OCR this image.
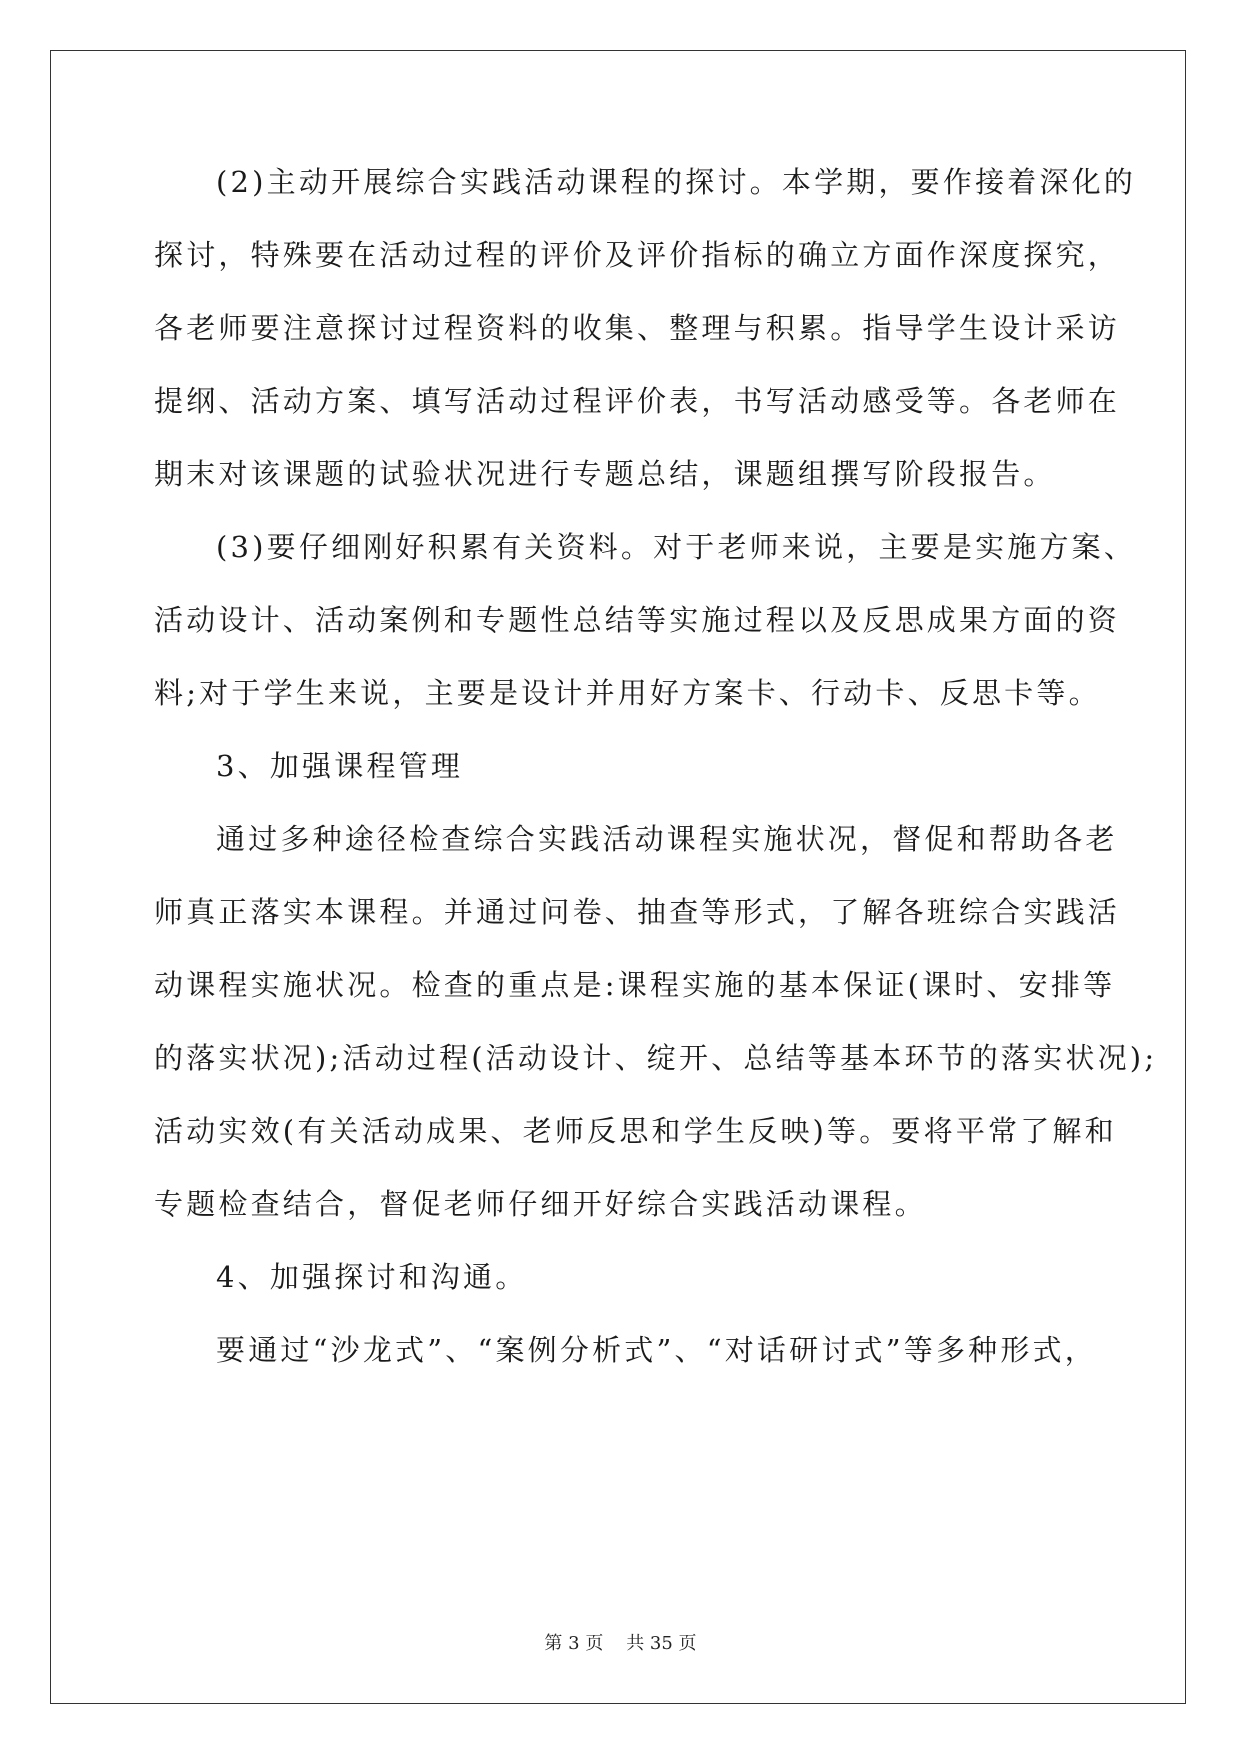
(2)主动开展综合实践活动课程的探讨。本学期，要作接着深化的
探讨，特殊要在活动过程的评价及评价指标的确立方面作深度探究，
各老师要注意探讨过程资料的收集、整理与积累。指导学生设计采访
提纲、活动方案、填写活动过程评价表，书写活动感受等。各老师在
期末对该课题的试验状况进行专题总结，课题组撰写阶段报告。
(3)要仔细刚好积累有关资料。对于老师来说，主要是实施方案、
活动设计、活动案例和专题性总结等实施过程以及反思成果方面的资
料;对于学生来说，主要是设计并用好方案卡、行动卡、反思卡等。
3、加强课程管理
通过多种途径检查综合实践活动课程实施状况，督促和帮助各老
师真正落实本课程。并通过问卷、抽查等形式，了解各班综合实践活
动课程实施状况。检查的重点是:课程实施的基本保证(课时、安排等
的落实状况);活动过程(活动设计、绽开、总结等基本环节的落实状况);
活动实效(有关活动成果、老师反思和学生反映)等。要将平常了解和
专题检查结合，督促老师仔细开好综合实践活动课程。
4、加强探讨和沟通。
要通过“沙龙式”、“案例分析式”、“对话研讨式”等多种形式，
第 3 页    共 35 页
